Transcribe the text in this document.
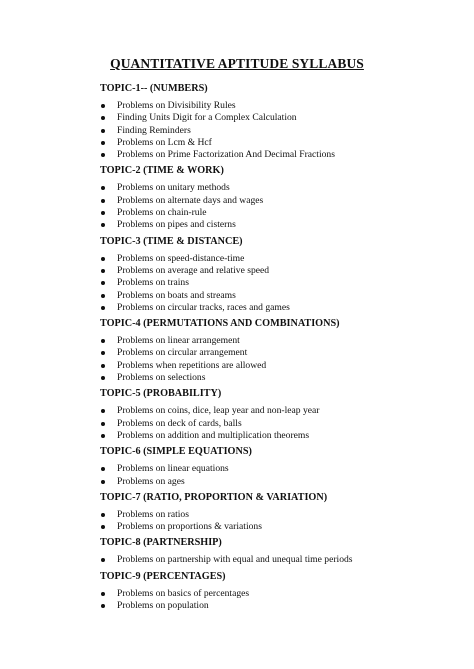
QUANTITATIVE APTITUDE SYLLABUS
TOPIC-1-- (NUMBERS)
Problems on Divisibility Rules
Finding Units Digit for a Complex Calculation
Finding Reminders
Problems on Lcm & Hcf
Problems on Prime Factorization And Decimal Fractions
TOPIC-2 (TIME & WORK)
Problems on unitary methods
Problems on alternate days and wages
Problems on chain-rule
Problems on pipes and cisterns
TOPIC-3 (TIME & DISTANCE)
Problems on speed-distance-time
Problems on average and relative speed
Problems on trains
Problems on boats and streams
Problems on circular tracks, races and games
TOPIC-4 (PERMUTATIONS AND COMBINATIONS)
Problems on linear arrangement
Problems on circular arrangement
Problems when repetitions are allowed
Problems on selections
TOPIC-5 (PROBABILITY)
Problems on coins, dice, leap year and non-leap year
Problems on deck of cards, balls
Problems on addition and multiplication theorems
TOPIC-6 (SIMPLE EQUATIONS)
Problems on linear equations
Problems on ages
TOPIC-7 (RATIO, PROPORTION & VARIATION)
Problems on ratios
Problems on proportions & variations
TOPIC-8 (PARTNERSHIP)
Problems on partnership with equal and unequal time periods
TOPIC-9 (PERCENTAGES)
Problems on basics of percentages
Problems on population
